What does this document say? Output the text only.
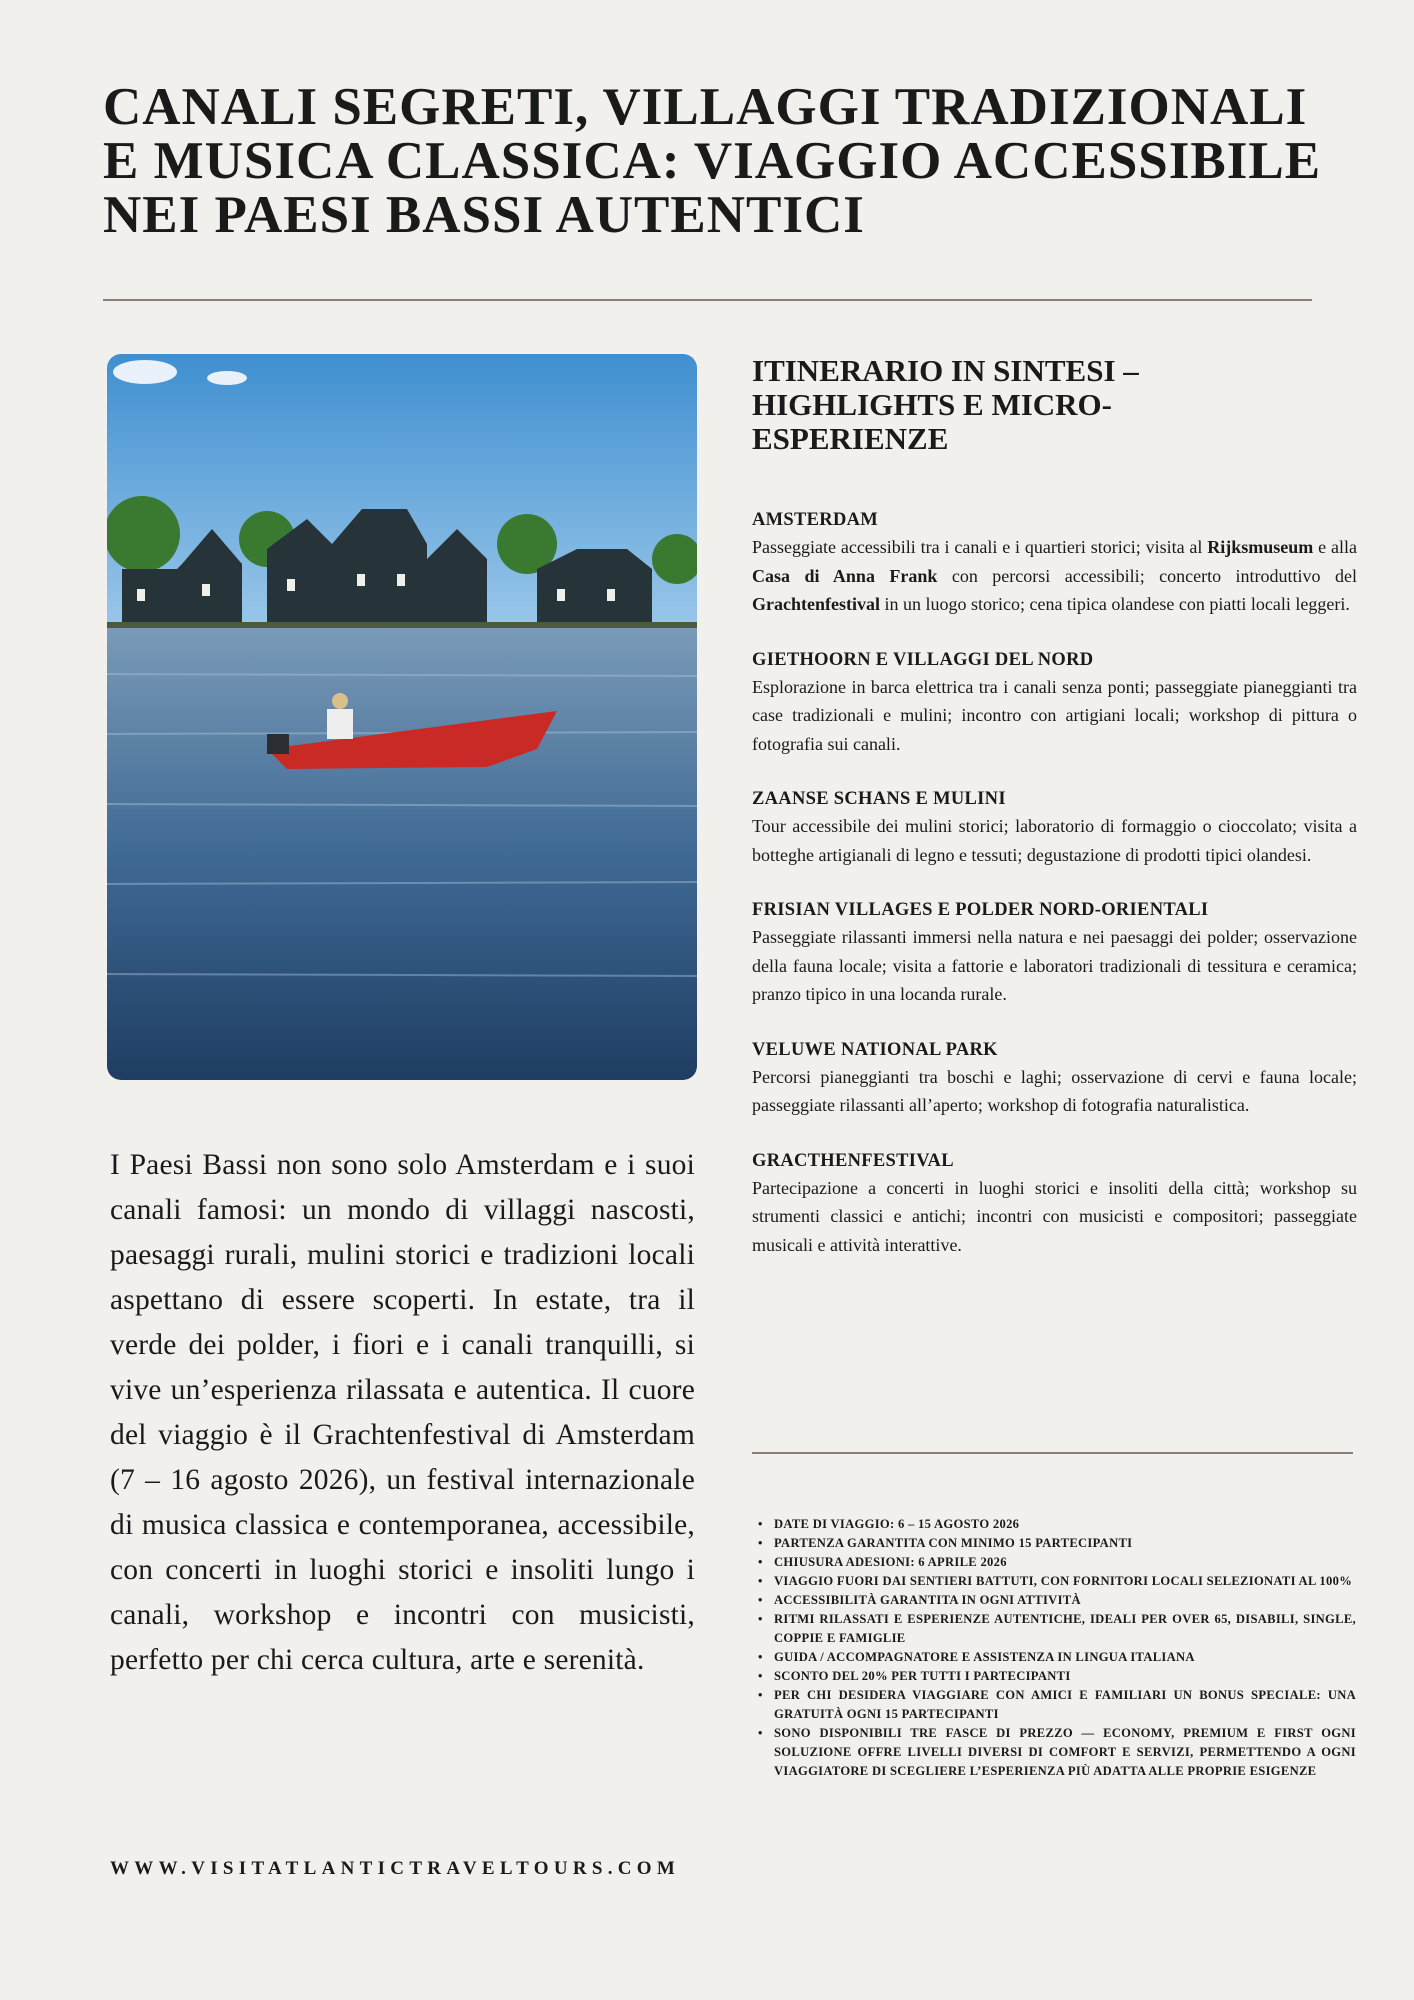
CANALI SEGRETI, VILLAGGI TRADIZIONALI E MUSICA CLASSICA: VIAGGIO ACCESSIBILE NEI PAESI BASSI AUTENTICI

I Paesi Bassi non sono solo Amsterdam e i suoi canali famosi: un mondo di villaggi nascosti, paesaggi rurali, mulini storici e tradizioni locali aspettano di essere scoperti. In estate, tra il verde dei polder, i fiori e i canali tranquilli, si vive un’esperienza rilassata e autentica. Il cuore del viaggio è il Grachtenfestival di Amsterdam (7 – 16 agosto 2026), un festival internazionale di musica classica e contemporanea, accessibile, con concerti in luoghi storici e insoliti lungo i canali, workshop e incontri con musicisti, perfetto per chi cerca cultura, arte e serenità.

WWW.VISITATLANTICTRAVELTOURS.COM
ITINERARIO IN SINTESI – HIGHLIGHTS E MICRO-ESPERIENZE
AMSTERDAM

Passeggiate accessibili tra i canali e i quartieri storici; visita al Rijksmuseum e alla Casa di Anna Frank con percorsi accessibili; concerto introduttivo del Grachtenfestival in un luogo storico; cena tipica olandese con piatti locali leggeri.

GIETHOORN E VILLAGGI DEL NORD

Esplorazione in barca elettrica tra i canali senza ponti; passeggiate pianeggianti tra case tradizionali e mulini; incontro con artigiani locali; workshop di pittura o fotografia sui canali.

ZAANSE SCHANS E MULINI

Tour accessibile dei mulini storici; laboratorio di formaggio o cioccolato; visita a botteghe artigianali di legno e tessuti; degustazione di prodotti tipici olandesi.

FRISIAN VILLAGES E POLDER NORD-ORIENTALI

Passeggiate rilassanti immersi nella natura e nei paesaggi dei polder; osservazione della fauna locale; visita a fattorie e laboratori tradizionali di tessitura e ceramica; pranzo tipico in una locanda rurale.

VELUWE NATIONAL PARK

Percorsi pianeggianti tra boschi e laghi; osservazione di cervi e fauna locale; passeggiate rilassanti all’aperto; workshop di fotografia naturalistica.

GRACTHENFESTIVAL

Partecipazione a concerti in luoghi storici e insoliti della città; workshop su strumenti classici e antichi; incontri con musicisti e compositori; passeggiate musicali e attività interattive.

• DATE DI VIAGGIO: 6 – 15 AGOSTO 2026
• PARTENZA GARANTITA CON MINIMO 15 PARTECIPANTI
• CHIUSURA ADESIONI: 6 APRILE 2026
• VIAGGIO FUORI DAI SENTIERI BATTUTI, CON FORNITORI LOCALI SELEZIONATI AL 100%
• ACCESSIBILITÀ GARANTITA IN OGNI ATTIVITÀ
• RITMI RILASSATI E ESPERIENZE AUTENTICHE, IDEALI PER OVER 65, DISABILI, SINGLE, COPPIE E FAMIGLIE
• GUIDA / ACCOMPAGNATORE E ASSISTENZA IN LINGUA ITALIANA
• SCONTO DEL 20% PER TUTTI I PARTECIPANTI
• PER CHI DESIDERA VIAGGIARE CON AMICI E FAMILIARI UN BONUS SPECIALE: UNA GRATUITÀ OGNI 15 PARTECIPANTI
• SONO DISPONIBILI TRE FASCE DI PREZZO — ECONOMY, PREMIUM E FIRST OGNI SOLUZIONE OFFRE LIVELLI DIVERSI DI COMFORT E SERVIZI, PERMETTENDO A OGNI VIAGGIATORE DI SCEGLIERE L’ESPERIENZA PIÙ ADATTA ALLE PROPRIE ESIGENZE
